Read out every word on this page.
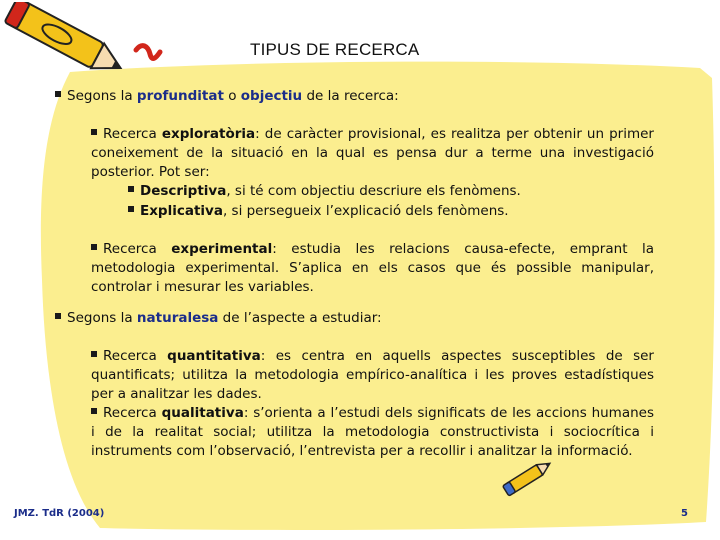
TIPUS DE RECERCA
Segons la profunditat o objectiu de la recerca:
Recerca exploratòria: de caràcter provisional, es realitza per obtenir un primer coneixement de la situació en la qual es pensa dur a terme una investigació posterior. Pot ser:
Descriptiva, si té com objectiu descriure els fenòmens.
Explicativa, si persegueix l’explicació dels fenòmens.
Recerca experimental: estudia les relacions causa-efecte, emprant la metodologia experimental. S’aplica en els casos que és possible manipular, controlar i mesurar les variables.
Segons la naturalesa de l’aspecte a estudiar:
Recerca quantitativa: es centra en aquells aspectes susceptibles de ser quantificats; utilitza la metodologia empírico-analítica i les proves estadístiques per a analitzar les dades.
Recerca qualitativa: s’orienta a l’estudi dels significats de les accions humanes i de la realitat social; utilitza la metodologia constructivista i sociocrítica i instruments com l’observació, l’entrevista per a recollir i analitzar la informació.
JMZ. TdR (2004)	5
